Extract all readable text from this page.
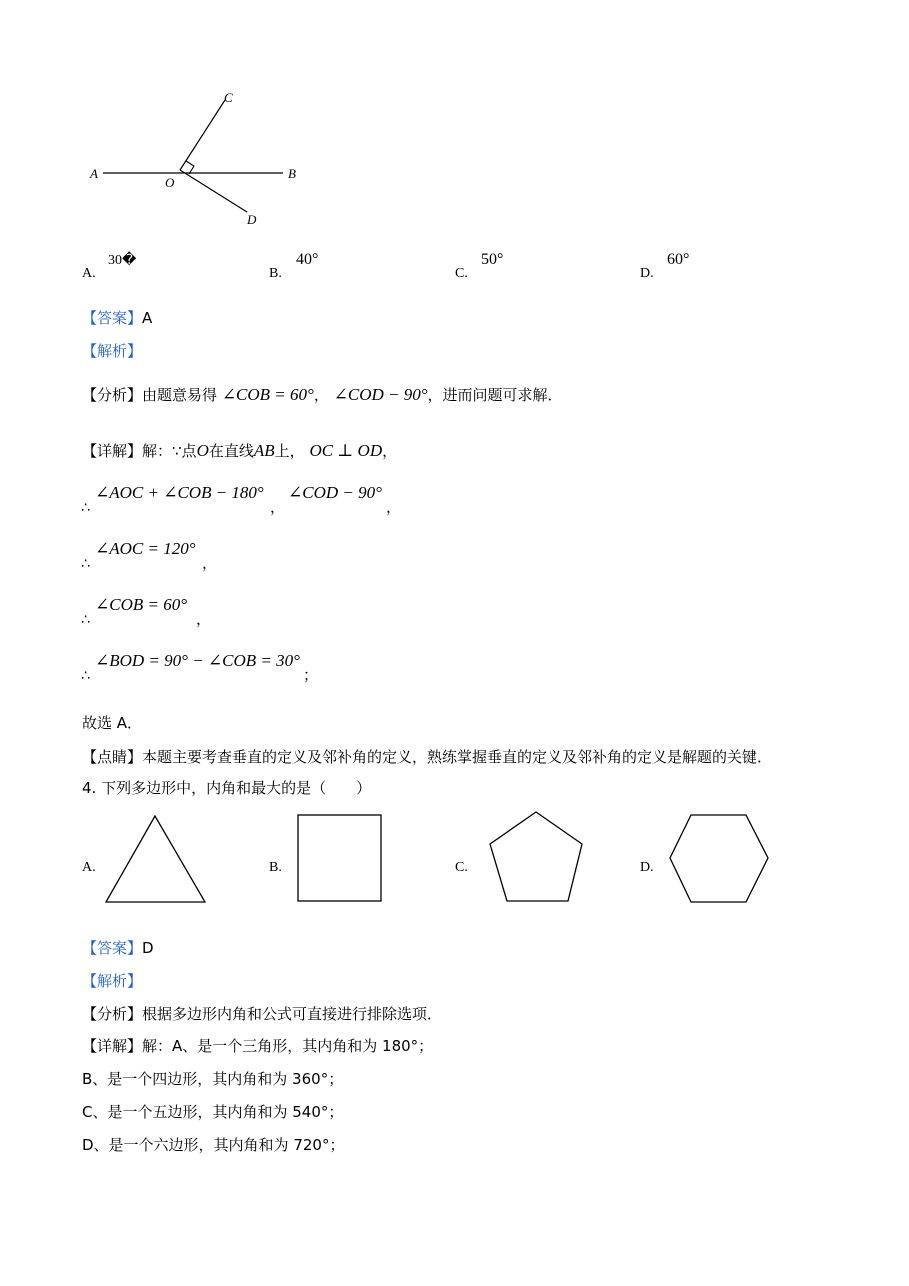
A
O
B
C
D
A.
30�
B.
40°
C.
50°
D.
60°
【答案】A
【解析】
【分析】由题意易得 ∠COB = 60°， ∠COD − 90°，进而问题可求解．
【详解】解：∵点O在直线AB上， OC ⊥ OD，
∴
∠AOC + ∠COB − 180°
，
∠COD − 90°
，
∴
∠AOC = 120°
，
∴
∠COB = 60°
，
∴
∠BOD = 90° − ∠COB = 30°
；
故选 A．
【点睛】本题主要考查垂直的定义及邻补角的定义，熟练掌握垂直的定义及邻补角的定义是解题的关键．
4. 下列多边形中，内角和最大的是（　　）
A.	B.	C.	D.
【答案】D
【解析】
【分析】根据多边形内角和公式可直接进行排除选项．
【详解】解：A、是一个三角形，其内角和为 180°；
B、是一个四边形，其内角和为 360°；
C、是一个五边形，其内角和为 540°；
D、是一个六边形，其内角和为 720°；
